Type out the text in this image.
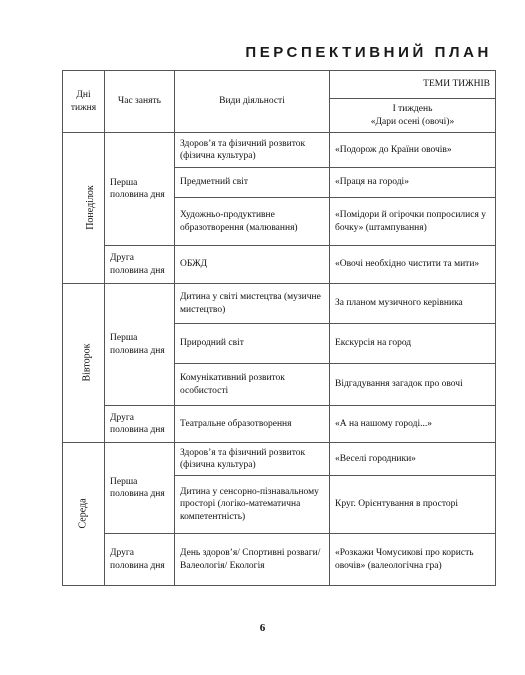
ПЕРСПЕКТИВНИЙ ПЛАН
Дні тижня	Час занять	Види діяльності	ТЕМИ ТИЖНІВ
			І тиждень
«Дари осені (овочі)»
Понеділок	Перша половина дня	Здоров’я та фізичний розвиток (фізична культура)	«Подорож до Країни овочів»
		Предметний світ	«Праця на городі»
		Художньо-продуктивне образотворення (малювання)	«Помідори й огірочки попросилися у бочку» (штампування)
	Друга половина дня	ОБЖД	«Овочі необхідно чистити та мити»
Вівторок	Перша половина дня	Дитина у світі мистецтва (музичне мистецтво)	За планом музичного керівника
		Природний світ	Екскурсія на город
		Комунікативний розвиток особистості	Відгадування загадок про овочі
	Друга половина дня	Театральне образотворення	«А на нашому городі...»
Середа	Перша половина дня	Здоров’я та фізичний розвиток (фізична культура)	«Веселі городники»
		Дитина у сенсорно-пізнавальному просторі (логіко-математична компетентність)	Круг. Орієнтування в просторі
	Друга половина дня	День здоров’я/ Спортивні розваги/ Валеологія/ Екологія	«Розкажи Чомусикові про користь овочів» (валеологічна гра)
6
